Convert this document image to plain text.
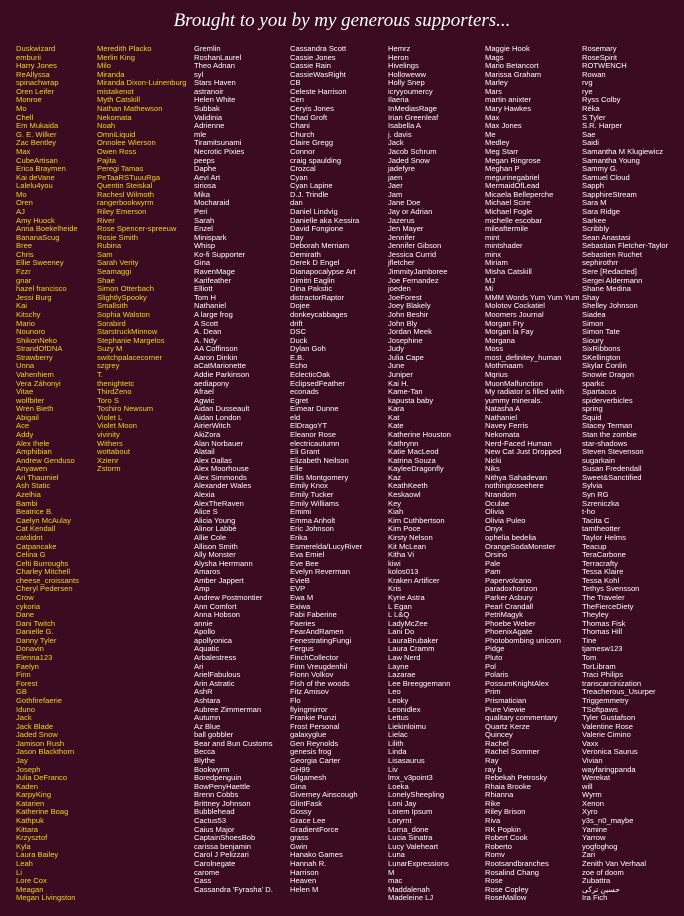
Brought to you by my generous supporters...
Duskwizard
emburii
Harry Jones
ReAllyssa
spinachwrap
Oren Leifer
Monroe
Mo
Chell
Em Mukaida
G. E. Wilker
Zac Bentley
Max
CubeArtisan
Erica Braymen
Kai deVane
Lalelu4you
Mo
Oren
AJ
Amy Huock
Anna Boekelheide
BananaScug
Bree
Chris
Ellie Sweeney
Fzzr
gnar
hazel francisco
Jessi Burg
Kai
Kitschy
Mario
Nounoro
ShikonNeko
StrandOfDNA
Strawberry
Unna
Vahenhiem
Vera Záhonyi
Vitae
wolfbiter
Wren Bieth
Abigail
Ace
Addy
Alex Ihele
Amphibian
Andrew Genduso
Anyawen
Ari Thaumiel
Ash Static
Azelhia
Bambi
Beatrice B.
Caelyn McAulay
Cat Kendall
catdidnt
Catpancake
Celina G
Celti Burroughs
Charley Mitchell
cheese_croissants
Cheryl Pedersen
Crow
cykoria
Dane
Dani Twitch
Danielle G.
Danny Tyler
Donavin
Elenna123
Faelyn
Finn
Forest
GB
Gothfirefaerie
Iduno
Jack
Jack Blade
Jaded Snow
Jamison Rush
Jason Blackthorn
Jay
Joseph
Julia DeFranco
Kaden
KarpyKing
Katarien
Katherine Boag
Kathpuk
Kittara
Krzysztof
Kyla
Laura Bailey
Leah
Li
Lore Cox
Meagan
Megan Livingston
Meredith Placko
Merlin King
Milo
Miranda
Miranda Dixon-Luinenburg
mistakenot
Myth Catskill
Nathan Mathewson
Nekomata
Noah
OmniLiquid
Onnolee Wierson
Owen Ross
Pajita
Peregi Tamas
PeTaaRSTuuuRga
Quentin Steiskal
Rachesl Wilmoth
rangerbookwyrm
Riley Emerson
River
Rose Spencer-spreeuw
Rosie Smith
Rubina
Sam
Sarah Verity
Seamaggi
Shae
Simon Otterbach
SlightlySpooky
Smallsith
Sophia Walston
Sorabird
StarstruckMinnow
Stephanie Margelos
Suzy M
switchpalacecorner
szgrey
T.
thenightetc
ThirdZeno
Toro S
Toshiro Newsum
Violet L
Violet Moon
vivinity
Withers
wottabout
Xzienr
Zstorm
Gremlin
RoshanLaurel
Theo Adnan
syl
Stars Haven
astranoir
Helen White
Subbak
Validinia
Adrienne
mle
Tiramitsunami
Necrotic Pixies
peeps
Daphe
Aevi Art
siriosa
Mika
Mocharaid
Peri
Sarah
Enzel
Minispark
Whisp
Ko-fi Supporter
Gina
RavenMage
Karifeather
Elliott
Tom H
Nathaniel
A large frog
A Scott
A. Dean
A. Ndy
AA Coffinson
Aaron Dinkin
aCatMarionette
Addie Parkinson
aediapony
Afrael
Agwic
Aidan Dusseault
Aidan London
AirierWitch
AkiZora
Alan Norbauer
Alatail
Alex Dallas
Alex Moorhouse
Alex Simmonds
Alexander Wales
Alexia
AlexTheRaven
Alice S
Alicia Young
Alinor Labbé
Allie Cole
Allison Smith
Ally Monster
Alysha Herrmann
Amaros
Amber Jappert
Amp
Andrew Postmontier
Ann Comfort
Anna Hobson
annie
Apollo
apollyonica
Aquatic
Arbalestress
Ari
ArielFabulous
Arin Astratic
AshR
Ashtara
Aubree Zimmerman
Autumn
Az Blue
ball gobbler
Bear and Bun Customs
Becca
Blythe
Bookwyrm
Boredpenguin
BowPenyHaettle
Brenn Cobbs
Brittney Johnson
Bubblehead
Cactus53
Caius Major
CaptainShoesBob
carissa benjamin
Carol J Pelizzari
Carolnegate
carome
Cass
Cassandra 'Fyrasha' D.
Cassandra Scott
Cassie Jones
Cassie Rain
CassieWasRight
CB
Celeste Harrison
Cen
Ceryis Jones
Chad Groft
Chani
Church
Claire Gregg
Connor
craig spaulding
Crozcal
Cyan
Cyan Lapine
D.J. Trindle
dan
Daniel Lindvig
Danielle aka Kessira
David Fongione
Day
Deborah Merriam
Demirath
Derek D Engel
Dianapocalypse Art
Dimitri Eaglin
Dina Pakstic
distractorRaptor
Dojee
donkeycabbages
drift
DSC
Duck
Dylan Goh
E.B.
Echo
EclecticOak
EclipsedFeather
econads
Egret
Eimear Dunne
eld
ElDragoYT
Eleanor Rose
electricautumn
Eli Grant
Elizabeth Neilson
Elle
Ellis Montgomery
Emily Knox
Emily Tucker
Emily Williams
Emimi
Emma Anholt
Eric Johnson
Erika
Esmerelda/LucyRiver
Eva Emiel
Eve Bee
Evelyn Reverman
EvieB
EVP
Ewa M
Exiwa
Fabi Faberine
Faeries
FearAndRamen
FenestratingFungi
Fergus
FinchCollector
Finn Vreugdenhil
Fionn Volkov
Fish of the woods
Fitz Amisov
Flo
flyingmirror
Frankie Punzi
Frost Personal
galaxyglue
Gen Reynolds
genesis frog
Georgia Carter
GH99
Gilgamesh
Gina
Giverney Ainscough
GlintFask
Gossy
Grace Lee
GradientForce
grass
Gwin
Hanako Games
Hannah R.
Harrison
Heaven
Helen M
Hemrz
Heron
Hivelings
Holloweww
Holly Snep
icryyoumercy
Ilaeria
InMediasRage
Irian Greenleaf
Isabella A
j. davis
Jack
Jacob Schrum
Jaded Snow
jadefyre
jaen
Jaer
Jam
Jane Doe
Jay or Adrian
Jazerus
Jen Mayer
Jennifer
Jennifer Gibson
Jessica Currid
jfletcher
JimmityJamboree
Joe Fernandez
joeden
JoeForest
Joey Blakely
John Beshir
John Bly
Jordan Meek
Josephine
Judy
Julia Cape
June
Juniper
Kai H.
Kame-Tan
kapusta baby
Kara
Kat
Kate
Katherine Houston
Kathrynn
Katie MacLeod
Katrina Souza
KayleeDragonfly
Kaz
KeathKeeth
Keskaowl
Key
Kiah
Kim Cuthbertson
Kim Poce
Kirsty Nelson
Kit McLean
Kitha Vi
kiwi
kolos013
Kraken Artificer
Kris
Kyrie Astra
L Egan
L L&Q
LadyMcZee
Lani Do
LauraBrubaker
Laura Cramm
Law Nerd
Layne
Lazarae
Lee Breeggemann
Leo
Leoky
Leonidlex
Lettus
Liekinloimu
Lielac
Lilith
Linda
Lisasaurus
Liv
lmx_v3point3
Loeka
LonelySheepling
Loni Jay
Lorem Ipsum
Loryrnt
Lorna_done
Lucia Sinatra
Lucy Valeheart
Luna
LunarExpressions
M
mac
Maddalenah
Madeleine LJ
Maggie Hook
Mags
Mario Betancort
Marissa Graham
Marley
Mars
martin anixter
Mary Hawkes
Max
Max Jones
Me
Medley
Meg Starr
Megan Ringrose
Meghan P
megurinegabriel
MermaidOfLead
Micaela Belleperche
Michael Scire
Michael Fogle
michelle escobar
mileaftermile
mint
mintshader
minx
Miriam
Misha Catskill
MJ
Mi
MMM Words Yum Yum Yum
Molotov Cockatiel
Moomers Journal
Morgan Fry
Morgan la Fay
Morgana
Moss
most_definitey_human
Mothmaam
Mqrius
MuonMalfunction
My radiator is filled with
yummy minerals.
Natasha A
Nathaniel
Navey Ferris
Nekomata
Nerd-Faced Human
New Cat Just Dropped
Nicki
Niks
Nithya Sahadevan
nothingtoseehere
Nrandom
Oculae
Olivia
Olivia Puleo
Onyx
ophelia bedelia
OrangeSodaMonster
Orsino
Pale
Pam
Papervolcano
paradoxhorizon
Parker Asbury
Pearl Crandall
PetriMagyk
Phoebe Weber
PhoenixAgate
Photobombing unicorn
Pidge
Pluto
Pol
Polaris
PossumKnightAlex
Prim
Prismatician
Pure Viewie
qualitary commentary
Quartz Kerze
Quincey
Rachel
Rachel Sommer
Ray
ray b
Rebekah Petrosky
Rhaia Brooke
Rhianna
Rike
Riley Brison
Riva
RK Popkin
Robert Cook
Roberto
Romv
Rootsandbranches
Rosalind Chang
Rose
Rose Copley
RoseMallow
Rosemary
RoseSpirit
ROTWENCH
Rowan
rvg
rye
Ryss Colby
Réka
S Tyler
S.R. Harper
Sae
Saidi
Samantha M Klugiewicz
Samantha Young
Sammy G.
Samuel Cloud
Sapph
SapphireStream
Sara M
Sara Ridge
Sarkee
Scribbly
Sean Anastasi
Sebastian Fletcher-Taylor
Sebastien Ruchet
sephirothrr
Sere [Redacted]
Sergei Aldermann
Shane Medina
Shay
Shelley Johnson
Siadea
Simon
Simon Tate
Sioury
SixRibbons
SKellington
Skylar Conlin
Snowie Dragon
sparkc
Spartacus
spiderverbicles
spring
Squid
Stacey Terman
Stan the zombie
star-shadows
Steven Stevenson
sugarkain
Susan Fredendall
Sweet&Sanctified
Sylvia
Syn RG
Szreniczka
t-ho
Tacita C
tamtheotter
Taylor Helms
Teacup
TeraCarbone
Terracrafty
Tessa Klaire
Tessa Kohl
Tethys Svensson
The Traveler
TheFierceDiety
Theyley
Thomas Fisk
Thomas Hill
Tine
tjamesw123
Tom
TorLibram
Traci Philips
transcarcinization
Treacherous_Usurper
Triggemmetry
TSoftpaws
Tyler Gustafson
Valentine Rose
Valerie Cimino
Vaxx
Veronica Saurus
Vivian
wayfaringpanda
Werekat
will
Wyrm
Xenon
Xyro
y3s_n0_maybe
Yamine
Yarrow
yogfoghog
Zari
Zenith Van Verhaal
zoe of doom
Zubattra
حسین ترکی
Ira Fich
